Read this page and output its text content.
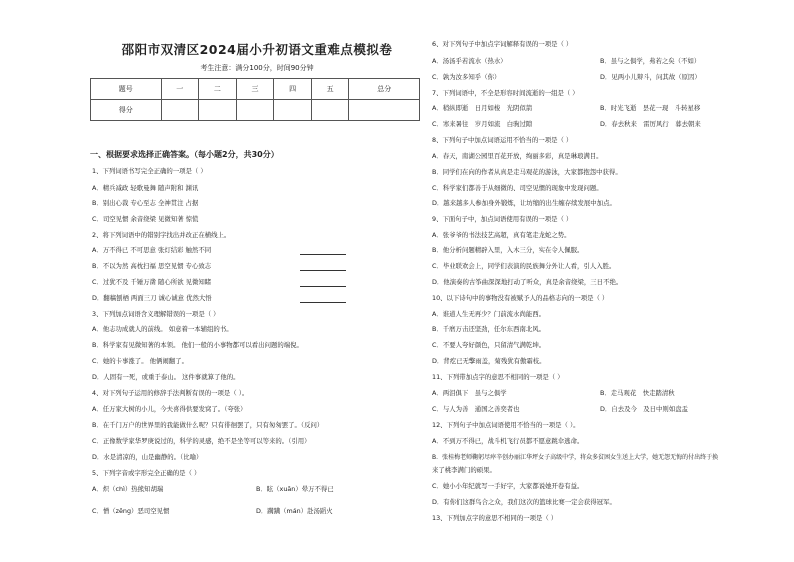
邵阳市双清区2024届小升初语文重难点模拟卷
考生注意：满分100分，时间90分钟
题号	一	二	三	四	五	总分
得分						
一、根据要求选择正确答案。（每小题2分，共30分）
1、下列词语书写完全正确的一项是（ ）
A．精兵减政 轻歌曼舞 随声附和 渊讯
B．别出心裁 专心至志 全神贯注 占据
C．司空见惯 余音绕梁 见微知著 惊慌
2、将下列词语中的错别字找出并改正在横线上。
A．万不得已 不可思意 张灯结彩 触然不同
B．不以为然 高枕扫福 思空见惯 专心致志
C．过犹不及 千锤万凿 随心所欲 见微知睹
D．翻稿刨栖 两面三刀 诚心诚意 优然大悟
3、下列加点词语含义理解错误的一项是（ ）
A．他志功成就人的前线。 如意着一本辅组的书。
B．科学家有见微知著的本领。 他们一般的小事物都可以看出问题的端倪。
C．她的卡事涨了。 他俩闹翻了。
D．人固有一死，或重于泰山。 这件事就算了他的。
4、对下列句子运用的修辞手法判断有误的一项是（ ）。
A．任万家大树的小儿，今夫喜得供要发窝了。（夸张）
B．在千门万户的世界里的我能做什么呢？只有徘徊罢了，只有匆匆罢了。（反问）
C．正像数学家华罗庚说过的，科学的灵感，绝不是坐等可以等来的。（引用）
D．水是清凉的，山是幽静的。（比喻）
5、下列字音或字形完全正确的是（ ）
A．炽（chì）热熊知胡瑞	B．眩（xuān）晕万不得已
C．憎（zēng）恶司空见惯	D．蹒蹒（mán）赴汤蹈火
6、对下列句子中加点字词解释有误的一项是（ ）
A．汤汤乎若流水（热水）	B．虽与之俱学，弗若之矣（不如）
C．孰为汝多知乎（你）	D．见两小儿辩斗，问其故（原因）
7、下列词语中，不全是形容时间流逝的一组是（ ）
A．稍纵即逝　日月如梭　光阴似箭	B．时光飞逝　昙花一现　斗转星移
C．寒来暑往　岁月如流　白驹过隙	D．春去秋来　雷厉风行　暮去朝来
8、下列句子中加点词语运用不恰当的一项是（ ）
A．春天，南湖公园里百花开放，绚丽多彩，真是琳琅满目。
B．同学们在向的作者从真是走马观花的游泳，大家都抱怨中获得。
C．科学家们都善于从细微的、司空见惯的现象中发现问题。
D．越来越多人参加身外锻炼，让坊缩的出生缠存续发展中加点。
9、下面句子中，加点词语使用有误的一项是（ ）
A．张爷爷的书法技艺高超，真有笔走龙蛇之势。
B．他分析问题精辟入里，入木三分，实在令人佩服。
C．毕业联欢会上，同学们表演的民族舞分外让人看，引人入胜。
D．他演奏的古筝曲深深地打动了听众，真是余音绕梁，三日不绝。
10、以下诗句中的事物没有被赋予人的品格志向的一项是（ ）
A．谁道人生无再少？门前流水尚能西。
B．千磨万击还坚劲，任尔东西南北风。
C．不要人夸好颜色，只留清气满乾坤。
D．背疙已无擎雨盖，菊残犹有傲霜枝。
11、下列带加点字的意思不相同的一项是（ ）
A．两泪俱下　虽与之俱学	B．走马观花　快走踏清秋
C．与人为善　通国之善奕者也	D．自去及今　及日中则如盘盂
12、下列句子中加点词语使用不恰当的一项是（ ）。
A．不到万不得已，战斗机飞行员都不愿意跳伞逃命。
B．张桂梅老师鞠躬尽瘁辛创办丽江华坪女子高级中学，将众多贫困女生送上大学，她无怨无悔的付出终于换
来了桃李满门的硕果。
C．她小小年纪就写一手好字，大家都说她开卷有益。
D．有你们这群鸟合之众，我们这次的篮球比赛一定会获得冠军。
13、下列加点字的意思不相同的一项是（ ）
